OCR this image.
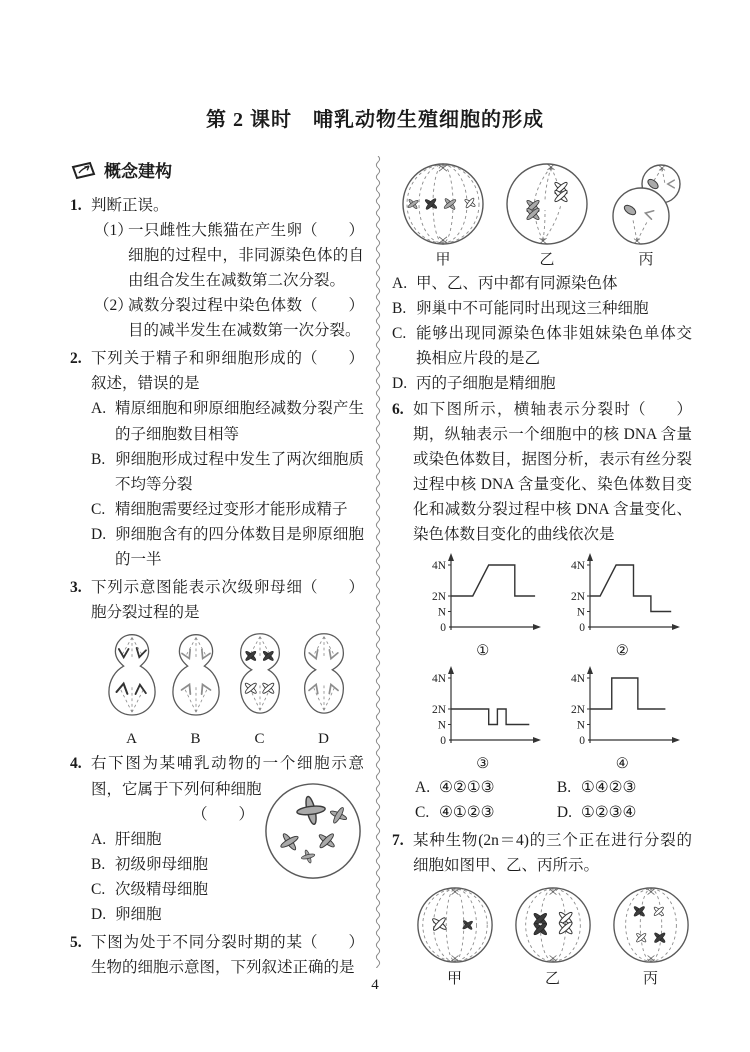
第 2 课时　哺乳动物生殖细胞的形成
概念建构
1. 判断正误。

（1）	（　　）
一只雌性大熊猫在产生卵细胞的过程中，非同源染色体的自由组合发生在减数第二次分裂。

（2）	（　　）
减数分裂过程中染色体数目的减半发生在减数第一次分裂。

2.	（　　）
下列关于精子和卵细胞形成的叙述，错误的是

A. 精原细胞和卵原细胞经减数分裂产生的子细胞数目相等

B. 卵细胞形成过程中发生了两次细胞质不均等分裂

C. 精细胞需要经过变形才能形成精子

D. 卵细胞含有的四分体数目是卵原细胞的一半

3.	（　　）
下列示意图能表示次级卵母细胞分裂过程的是

A	B	C	D
4. 右下图为某哺乳动物的一个细胞示意图，它属于下列何种细胞

（　　）

A. 肝细胞

B. 初级卵母细胞

C. 次级精母细胞

D. 卵细胞

5.	（　　）
下图为处于不同分裂时期的某生物的细胞示意图，下列叙述正确的是

甲	乙	丙

A. 甲、乙、丙中都有同源染色体

B. 卵巢中不可能同时出现这三种细胞

C. 能够出现同源染色体非姐妹染色单体交换相应片段的是乙

D. 丙的子细胞是精细胞

6.	（　　）
如下图所示，横轴表示分裂时期，纵轴表示一个细胞中的核 DNA 含量或染色体数目，据图分析，表示有丝分裂过程中核 DNA 含量变化、染色体数目变化和减数分裂过程中核 DNA 含量变化、染色体数目变化的曲线依次是

4N
2N
N
0
①
4N
2N
N
0
②
4N
2N
N
0
③
4N
2N
N
0
④

A. ④②①③	B. ①④②③

C. ④①②③	D. ①②③④

7. 某种生物(2n＝4)的三个正在进行分裂的细胞如图甲、乙、丙所示。

甲	乙	丙
4
